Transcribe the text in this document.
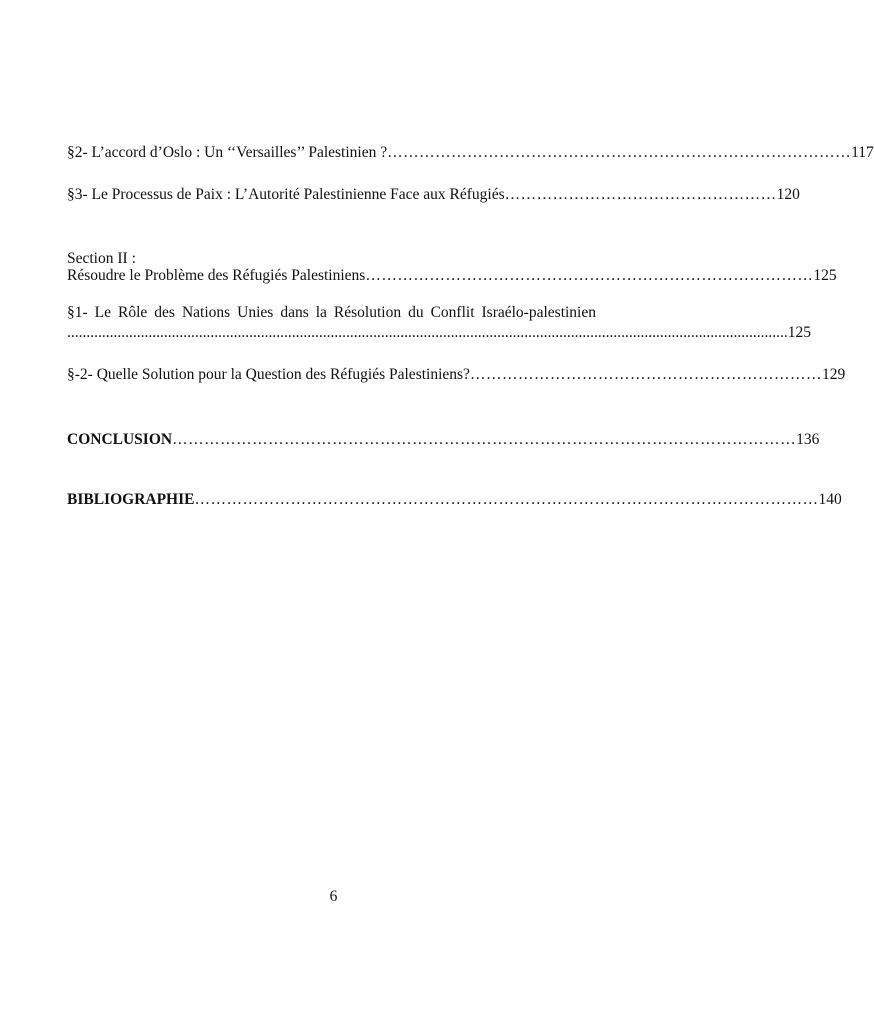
§2- L’accord d’Oslo : Un ‘‘Versailles’’ Palestinien ? …………………………………………………………………………… 117
§3- Le Processus de Paix : L’Autorité Palestinienne Face aux Réfugiés …………………………………………… 120
Section II :
Résoudre le Problème des Réfugiés Palestiniens ………………………………………………………………………… 125
§1- Le Rôle des Nations Unies dans la Résolution du Conflit Israélo-palestinien
.......................................................................................................................................................................................... 125
§-2- Quelle Solution pour la Question des Réfugiés Palestiniens? ………………………………………………………… 129
CONCLUSION ……………………………………………………………………………………………………… 136
BIBLIOGRAPHIE ……………………………………………………………………………………………………… 140
6
